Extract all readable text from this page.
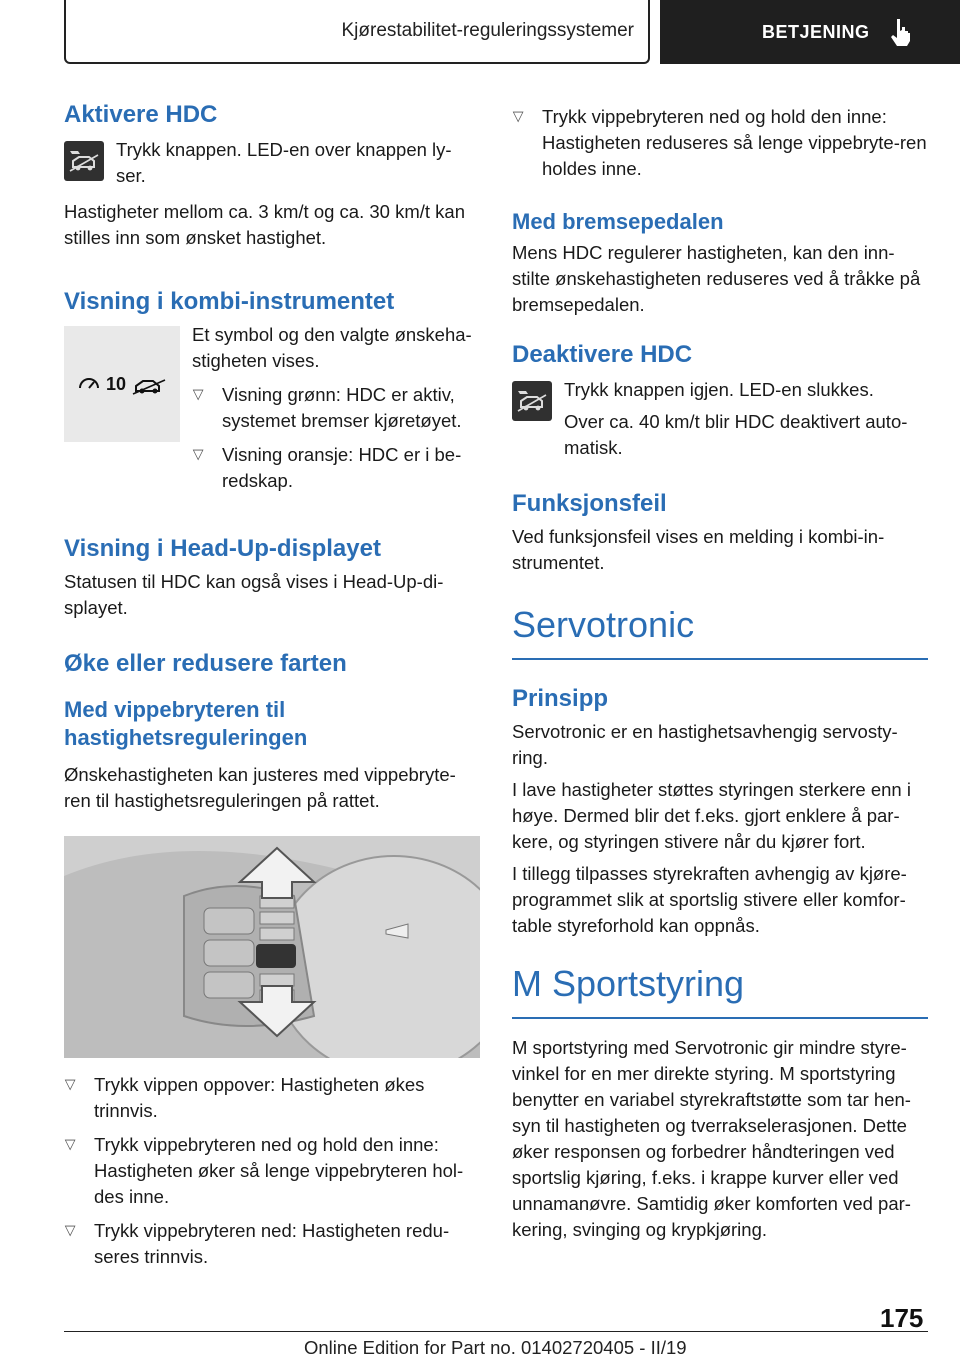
Kjørestabilitet-reguleringssystemer	BETJENING
Aktivere HDC

Trykk knappen. LED-en over knappen ly‐ser.

Hastigheter mellom ca. 3 km/t og ca. 30 km/t kan stilles inn som ønsket hastighet.

Visning i kombi-instrumentet
10

Et symbol og den valgte ønskeha‐stigheten vises.

▷ Visning grønn: HDC er aktiv, systemet bremser kjøretøyet.
▷ Visning oransje: HDC er i be‐redskap.
Visning i Head-Up-displayet

Statusen til HDC kan også vises i Head-Up-di‐splayet.

Øke eller redusere farten
Med vippebryteren til hastighetsreguleringen

Ønskehastigheten kan justeres med vippebryte‐ren til hastighetsreguleringen på rattet.

▷ Trykk vippen oppover: Hastigheten økes trinnvis.
▷ Trykk vippebryteren ned og hold den inne: Hastigheten øker så lenge vippebryteren hol‐des inne.
▷ Trykk vippebryteren ned: Hastigheten redu‐seres trinnvis.
▷ Trykk vippebryteren ned og hold den inne: Hastigheten reduseres så lenge vippebryte‐ren holdes inne.
Med bremsepedalen

Mens HDC regulerer hastigheten, kan den inn‐stilte ønskehastigheten reduseres ved å tråkke på bremsepedalen.

Deaktivere HDC

Trykk knappen igjen. LED-en slukkes.

Over ca. 40 km/t blir HDC deaktivert auto‐matisk.

Funksjonsfeil

Ved funksjonsfeil vises en melding i kombi-in‐strumentet.

Servotronic
Prinsipp

Servotronic er en hastighetsavhengig servosty‐ring.

I lave hastigheter støttes styringen sterkere enn i høye. Dermed blir det f.eks. gjort enklere å par‐kere, og styringen stivere når du kjører fort.

I tillegg tilpasses styrekraften avhengig av kjøre‐programmet slik at sportslig stivere eller komfor‐table styreforhold kan oppnås.

M Sportstyring

M sportstyring med Servotronic gir mindre styre‐vinkel for en mer direkte styring. M sportstyring benytter en variabel styrekraftstøtte som tar hen‐syn til hastigheten og tverrakselerasjonen. Dette øker responsen og forbedrer håndteringen ved sportslig kjøring, f.eks. i krappe kurver eller ved unnamanøvre. Samtidig øker komforten ved par‐kering, svinging og krypkjøring.

175
Online Edition for Part no. 01402720405 - II/19
